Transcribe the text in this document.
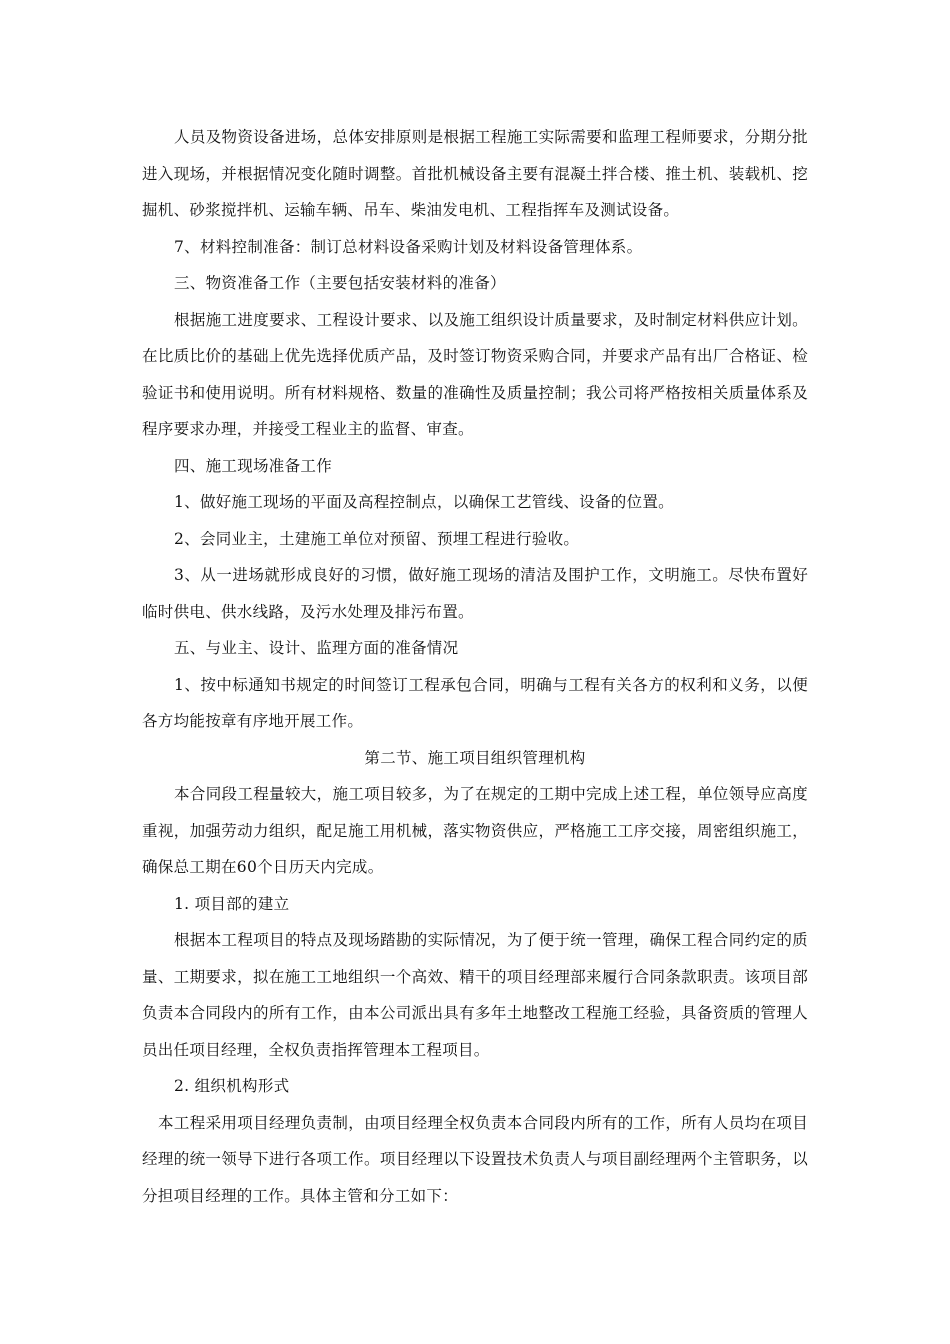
人员及物资设备进场，总体安排原则是根据工程施工实际需要和监理工程师要求，分期分批进入现场，并根据情况变化随时调整。首批机械设备主要有混凝土拌合楼、推土机、装载机、挖掘机、砂浆搅拌机、运输车辆、吊车、柴油发电机、工程指挥车及测试设备。

7、材料控制准备：制订总材料设备采购计划及材料设备管理体系。

三、物资准备工作（主要包括安装材料的准备）

根据施工进度要求、工程设计要求、以及施工组织设计质量要求，及时制定材料供应计划。在比质比价的基础上优先选择优质产品，及时签订物资采购合同，并要求产品有出厂合格证、检验证书和使用说明。所有材料规格、数量的准确性及质量控制；我公司将严格按相关质量体系及程序要求办理，并接受工程业主的监督、审查。

四、施工现场准备工作

1、做好施工现场的平面及高程控制点，以确保工艺管线、设备的位置。

2、会同业主，土建施工单位对预留、预埋工程进行验收。

3、从一进场就形成良好的习惯，做好施工现场的清洁及围护工作，文明施工。尽快布置好临时供电、供水线路，及污水处理及排污布置。

五、与业主、设计、监理方面的准备情况

1、按中标通知书规定的时间签订工程承包合同，明确与工程有关各方的权利和义务，以便各方均能按章有序地开展工作。

第二节、施工项目组织管理机构

本合同段工程量较大，施工项目较多，为了在规定的工期中完成上述工程，单位领导应高度重视，加强劳动力组织，配足施工用机械，落实物资供应，严格施工工序交接，周密组织施工，确保总工期在60个日历天内完成。

1. 项目部的建立

根据本工程项目的特点及现场踏勘的实际情况，为了便于统一管理，确保工程合同约定的质量、工期要求，拟在施工工地组织一个高效、精干的项目经理部来履行合同条款职责。该项目部负责本合同段内的所有工作，由本公司派出具有多年土地整改工程施工经验，具备资质的管理人员出任项目经理，全权负责指挥管理本工程项目。

2. 组织机构形式

本工程采用项目经理负责制，由项目经理全权负责本合同段内所有的工作，所有人员均在项目经理的统一领导下进行各项工作。项目经理以下设置技术负责人与项目副经理两个主管职务，以分担项目经理的工作。具体主管和分工如下：
